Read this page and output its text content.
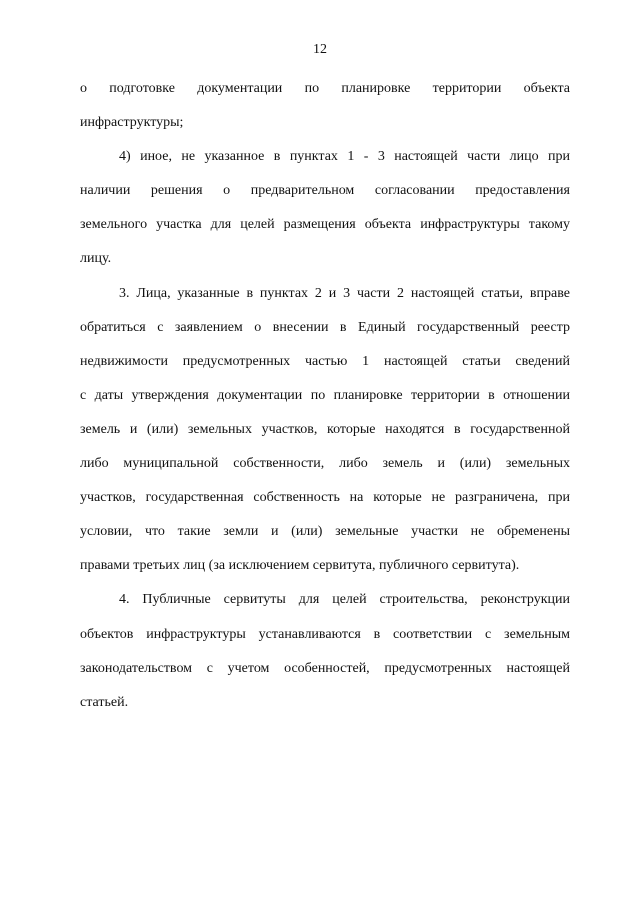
12
о подготовке документации по планировке территории объекта
инфраструктуры;
4) иное, не указанное в пунктах 1 - 3 настоящей части лицо при
наличии решения о предварительном согласовании предоставления
земельного участка для целей размещения объекта инфраструктуры такому
лицу.
3. Лица, указанные в пунктах 2 и 3 части 2 настоящей статьи, вправе
обратиться с заявлением о внесении в Единый государственный реестр
недвижимости предусмотренных частью 1 настоящей статьи сведений
с даты утверждения документации по планировке территории в отношении
земель и (или) земельных участков, которые находятся в государственной
либо муниципальной собственности, либо земель и (или) земельных
участков, государственная собственность на которые не разграничена, при
условии, что такие земли и (или) земельные участки не обременены
правами третьих лиц (за исключением сервитута, публичного сервитута).
4. Публичные сервитуты для целей строительства, реконструкции
объектов инфраструктуры устанавливаются в соответствии с земельным
законодательством с учетом особенностей, предусмотренных настоящей
статьей.
